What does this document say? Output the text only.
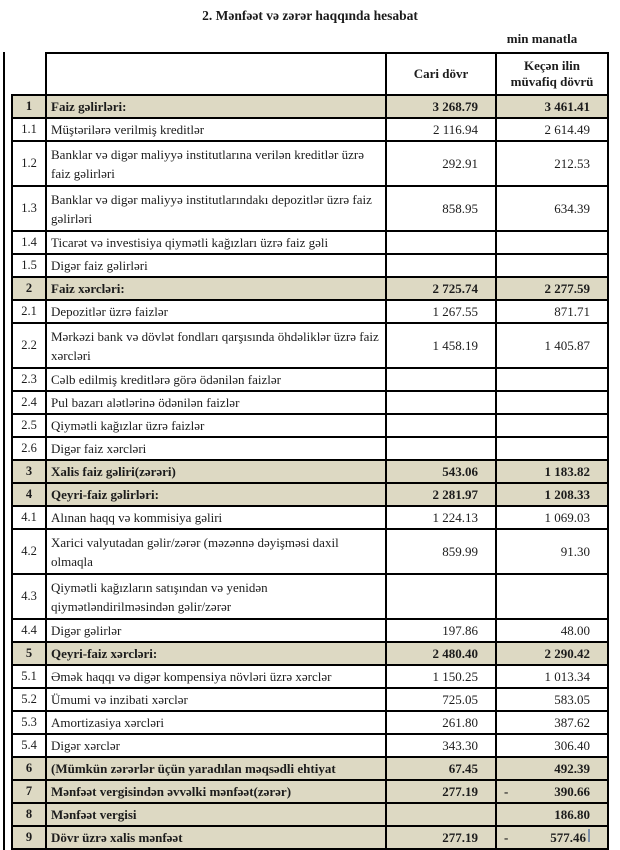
2. Mənfəət və zərər haqqında hesabat
min manatla
		Cari dövr	Keçən ilin müvafiq dövrü
1	Faiz gəlirləri:	3 268.79	3 461.41

1.1	Müştərilərə verilmiş kreditlər	2 116.94	2 614.49

1.2	Banklar və digər maliyyə institutlarına verilən kreditlər üzrə faiz gəlirləri	292.91	212.53

1.3	Banklar və digər maliyyə institutlarındakı depozitlər üzrə faiz gəlirləri	858.95	634.39

1.4	Ticarət və investisiya qiymətli kağızları üzrə faiz gəli	

1.5	Digər faiz gəlirləri	

2	Faiz xərcləri:	2 725.74	2 277.59

2.1	Depozitlər üzrə faizlər	1 267.55	871.71

2.2	Mərkəzi bank və dövlət fondları qarşısında öhdəliklər üzrə faiz xərcləri	1 458.19	1 405.87

2.3	Cəlb edilmiş kreditlərə görə ödənilən faizlər	

2.4	Pul bazarı alətlərinə ödənilən faizlər	

2.5	Qiymətli kağızlar üzrə faizlər	

2.6	Digər faiz xərcləri	

3	Xalis faiz gəliri(zərəri)	543.06	1 183.82

4	Qeyri-faiz gəlirləri:	2 281.97	1 208.33

4.1	Alınan haqq və kommisiya gəliri	1 224.13	1 069.03

4.2	Xarici valyutadan gəlir/zərər (məzənnə dəyişməsi daxil olmaqla	859.99	91.30

4.3	Qiymətli kağızların satışından və yenidən qiymətləndirilməsindən gəlir/zərər	

4.4	Digər gəlirlər	197.86	48.00

5	Qeyri-faiz xərcləri:	2 480.40	2 290.42

5.1	Əmək haqqı və digər kompensiya növləri üzrə xərclər	1 150.25	1 013.34

5.2	Ümumi və inzibati xərclər	725.05	583.05

5.3	Amortizasiya xərcləri	261.80	387.62

5.4	Digər xərclər	343.30	306.40

6	(Mümkün zərərlər üçün yaradılan məqsədli ehtiyat	67.45	492.39

7	Mənfəət vergisindən əvvəlki mənfəət(zərər)	277.19	- 390.66

8	Mənfəət vergisi		186.80

9	Dövr üzrə xalis mənfəət	277.19	- 577.46
